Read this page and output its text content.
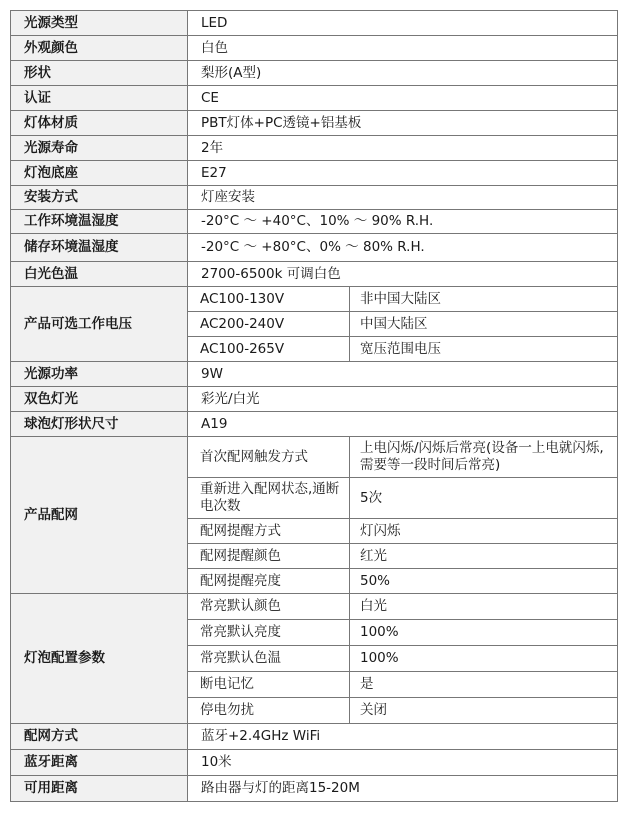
光源类型	LED	
外观颜色	白色	
形状	梨形(A型)	
认证	CE	
灯体材质	PBT灯体+PC透镜+铝基板	
光源寿命	2年	
灯泡底座	E27	
安装方式	灯座安装	
工作环境温湿度	-20°C ～ +40°C、10% ～ 90% R.H.	
储存环境温湿度	-20°C ～ +80°C、0% ～ 80% R.H.	
白光色温	2700-6500k 可调白色	
产品可选工作电压	AC100-130V	非中国大陆区
	AC200-240V	中国大陆区
	AC100-265V	宽压范围电压
光源功率	9W	
双色灯光	彩光/白光	
球泡灯形状尺寸	A19	
产品配网	首次配网触发方式	上电闪烁/闪烁后常亮(设备一上电就闪烁,需要等一段时间后常亮)
	重新进入配网状态,通断电次数	5次
	配网提醒方式	灯闪烁
	配网提醒颜色	红光
	配网提醒亮度	50%
灯泡配置参数	常亮默认颜色	白光
	常亮默认亮度	100%
	常亮默认色温	100%
	断电记忆	是
	停电勿扰	关闭
配网方式	蓝牙+2.4GHz WiFi	
蓝牙距离	10米	
可用距离	路由器与灯的距离15-20M	
